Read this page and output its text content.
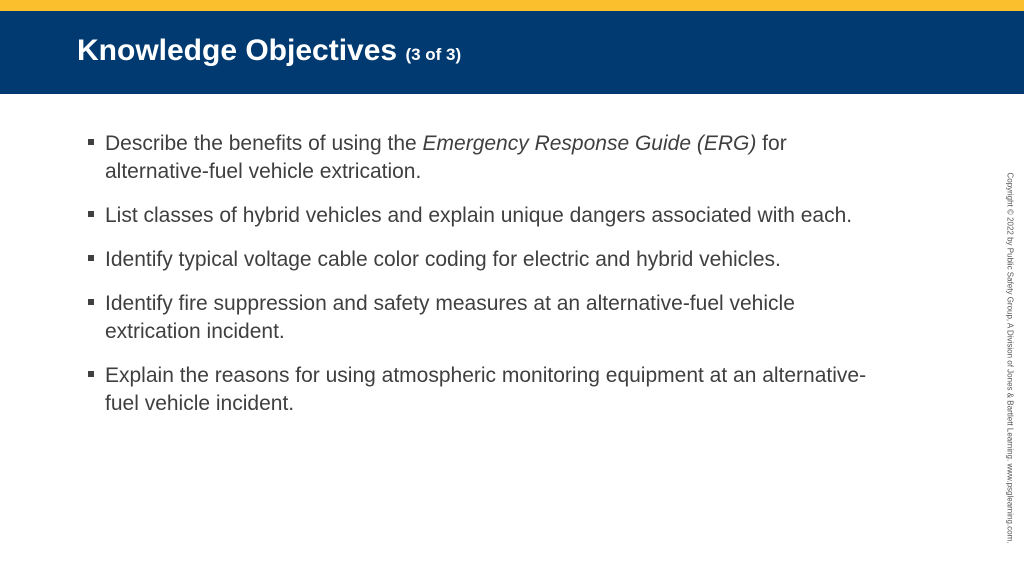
Knowledge Objectives (3 of 3)
Describe the benefits of using the Emergency Response Guide (ERG) for alternative-fuel vehicle extrication.
List classes of hybrid vehicles and explain unique dangers associated with each.
Identify typical voltage cable color coding for electric and hybrid vehicles.
Identify fire suppression and safety measures at an alternative-fuel vehicle extrication incident.
Explain the reasons for using atmospheric monitoring equipment at an alternative-fuel vehicle incident.	Copyright © 2022 by Public Safety Group, A Division of Jones & Bartlett Learning. www.psglearning.com.
